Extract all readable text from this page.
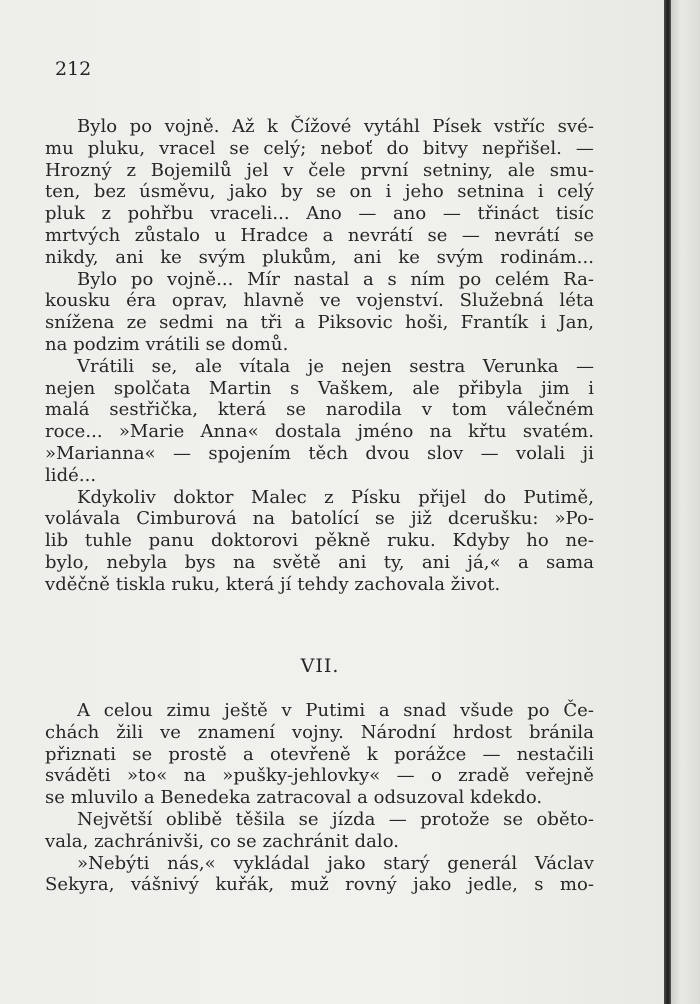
212
Bylo po vojně. Až k Čížové vytáhl Písek vstříc své-
mu pluku, vracel se celý; neboť do bitvy nepřišel. —
Hrozný z Bojemilů jel v čele první setniny, ale smu-
ten, bez úsměvu, jako by se on i jeho setnina i celý
pluk z pohřbu vraceli... Ano — ano — třináct tisíc
mrtvých zůstalo u Hradce a nevrátí se — nevrátí se
nikdy, ani ke svým plukům, ani ke svým rodinám...
Bylo po vojně... Mír nastal a s ním po celém Ra-
kousku éra oprav, hlavně ve vojenství. Služebná léta
snížena ze sedmi na tři a Piksovic hoši, Frantík i Jan,
na podzim vrátili se domů.
Vrátili se, ale vítala je nejen sestra Verunka —
nejen spolčata Martin s Vaškem, ale přibyla jim i
malá sestřička, která se narodila v tom válečném
roce... »Marie Anna« dostala jméno na křtu svatém.
»Marianna« — spojením těch dvou slov — volali ji
lidé...
Kdykoliv doktor Malec z Písku přijel do Putimě,
volávala Cimburová na batolící se již dcerušku: »Po-
lib tuhle panu doktorovi pěkně ruku. Kdyby ho ne-
bylo, nebyla bys na světě ani ty, ani já,« a sama
vděčně tiskla ruku, která jí tehdy zachovala život.
VII.
A celou zimu ještě v Putimi a snad všude po Če-
chách žili ve znamení vojny. Národní hrdost bránila
přiznati se prostě a otevřeně k porážce — nestačili
sváděti »to« na »pušky-jehlovky« — o zradě veřejně
se mluvilo a Benedeka zatracoval a odsuzoval kdekdo.
Největší oblibě těšila se jízda — protože se oběto-
vala, zachránivši, co se zachránit dalo.
»Nebýti nás,« vykládal jako starý generál Václav
Sekyra, vášnivý kuřák, muž rovný jako jedle, s mo-
